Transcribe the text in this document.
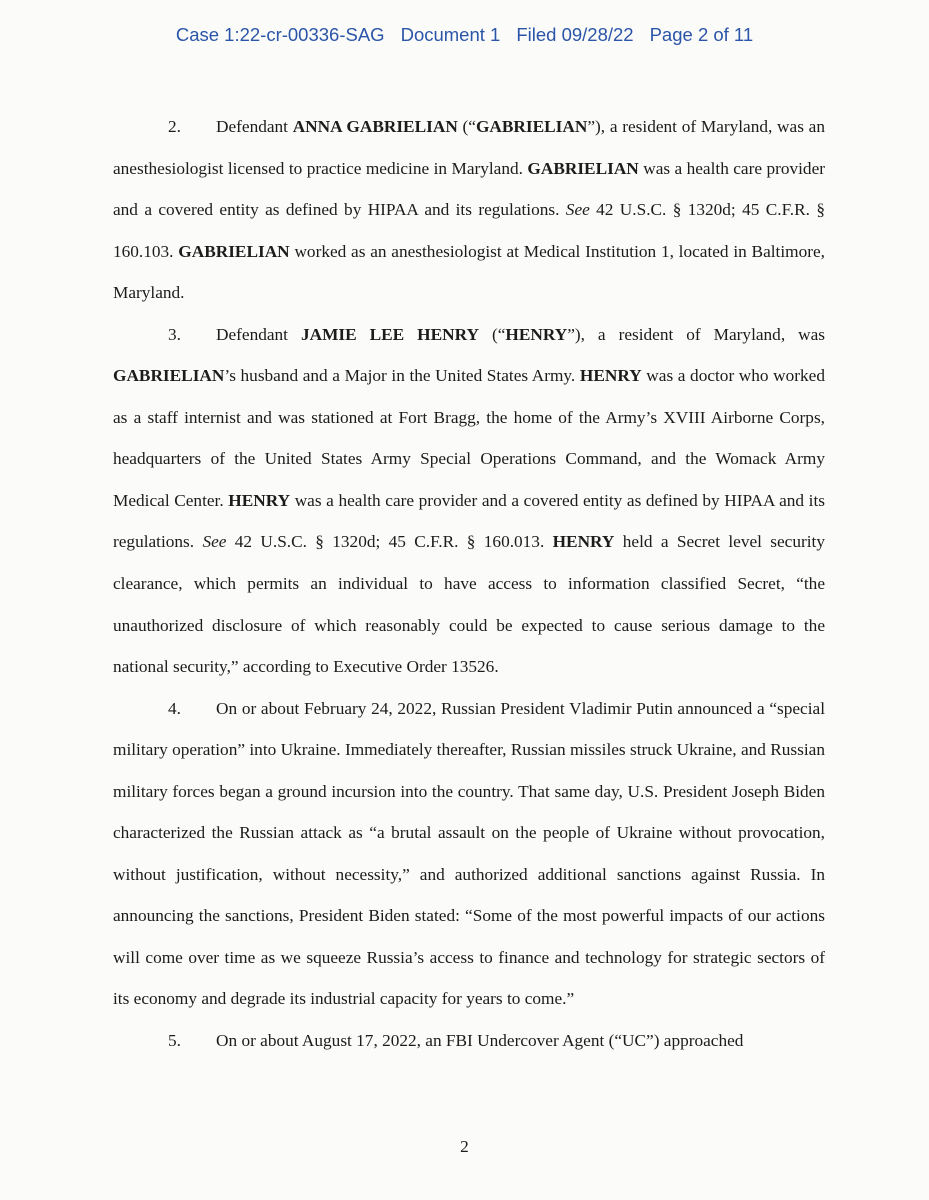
Case 1:22-cr-00336-SAG Document 1 Filed 09/28/22 Page 2 of 11

2. Defendant ANNA GABRIELIAN (“GABRIELIAN”), a resident of Maryland, was an anesthesiologist licensed to practice medicine in Maryland. GABRIELIAN was a health care provider and a covered entity as defined by HIPAA and its regulations. See 42 U.S.C. § 1320d; 45 C.F.R. § 160.103. GABRIELIAN worked as an anesthesiologist at Medical Institution 1, located in Baltimore, Maryland.

3. Defendant JAMIE LEE HENRY (“HENRY”), a resident of Maryland, was GABRIELIAN’s husband and a Major in the United States Army. HENRY was a doctor who worked as a staff internist and was stationed at Fort Bragg, the home of the Army’s XVIII Airborne Corps, headquarters of the United States Army Special Operations Command, and the Womack Army Medical Center. HENRY was a health care provider and a covered entity as defined by HIPAA and its regulations. See 42 U.S.C. § 1320d; 45 C.F.R. § 160.013. HENRY held a Secret level security clearance, which permits an individual to have access to information classified Secret, “the unauthorized disclosure of which reasonably could be expected to cause serious damage to the national security,” according to Executive Order 13526.

4. On or about February 24, 2022, Russian President Vladimir Putin announced a “special military operation” into Ukraine. Immediately thereafter, Russian missiles struck Ukraine, and Russian military forces began a ground incursion into the country. That same day, U.S. President Joseph Biden characterized the Russian attack as “a brutal assault on the people of Ukraine without provocation, without justification, without necessity,” and authorized additional sanctions against Russia. In announcing the sanctions, President Biden stated: “Some of the most powerful impacts of our actions will come over time as we squeeze Russia’s access to finance and technology for strategic sectors of its economy and degrade its industrial capacity for years to come.”

5. On or about August 17, 2022, an FBI Undercover Agent (“UC”) approached

2
